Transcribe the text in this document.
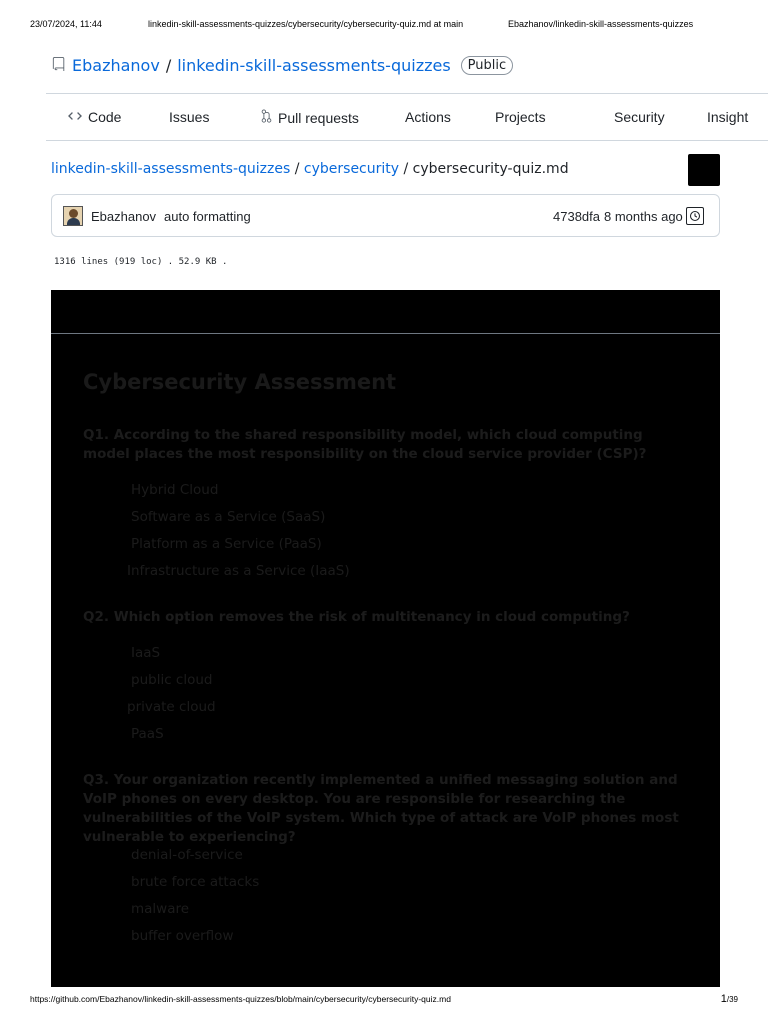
23/07/2024, 11:44	linkedin-skill-assessments-quizzes/cybersecurity/cybersecurity-quiz.md at main	Ebazhanov/linkedin-skill-assessments-quizzes
Ebazhanov / linkedin-skill-assessments-quizzes	Public
Code	Issues	Pull requests	Actions	Projects	Security	Insight
linkedin-skill-assessments-quizzes / cybersecurity / cybersecurity-quiz.md
Ebazhanov auto formatting	4738dfa 8 months ago
1316 lines (919 loc) . 52.9 KB .
Cybersecurity Assessment
Q1. According to the shared responsibility model, which cloud computing model places the most responsibility on the cloud service provider (CSP)?
Hybrid Cloud
Software as a Service (SaaS)
Platform as a Service (PaaS)
Infrastructure as a Service (IaaS)
Q2. Which option removes the risk of multitenancy in cloud computing?
IaaS
public cloud
private cloud
PaaS
Q3. Your organization recently implemented a unified messaging solution and VoIP phones on every desktop. You are responsible for researching the vulnerabilities of the VoIP system. Which type of attack are VoIP phones most vulnerable to experiencing?
denial-of-service
brute force attacks
malware
buffer overflow
https://github.com/Ebazhanov/linkedin-skill-assessments-quizzes/blob/main/cybersecurity/cybersecurity-quiz.md	1/39
